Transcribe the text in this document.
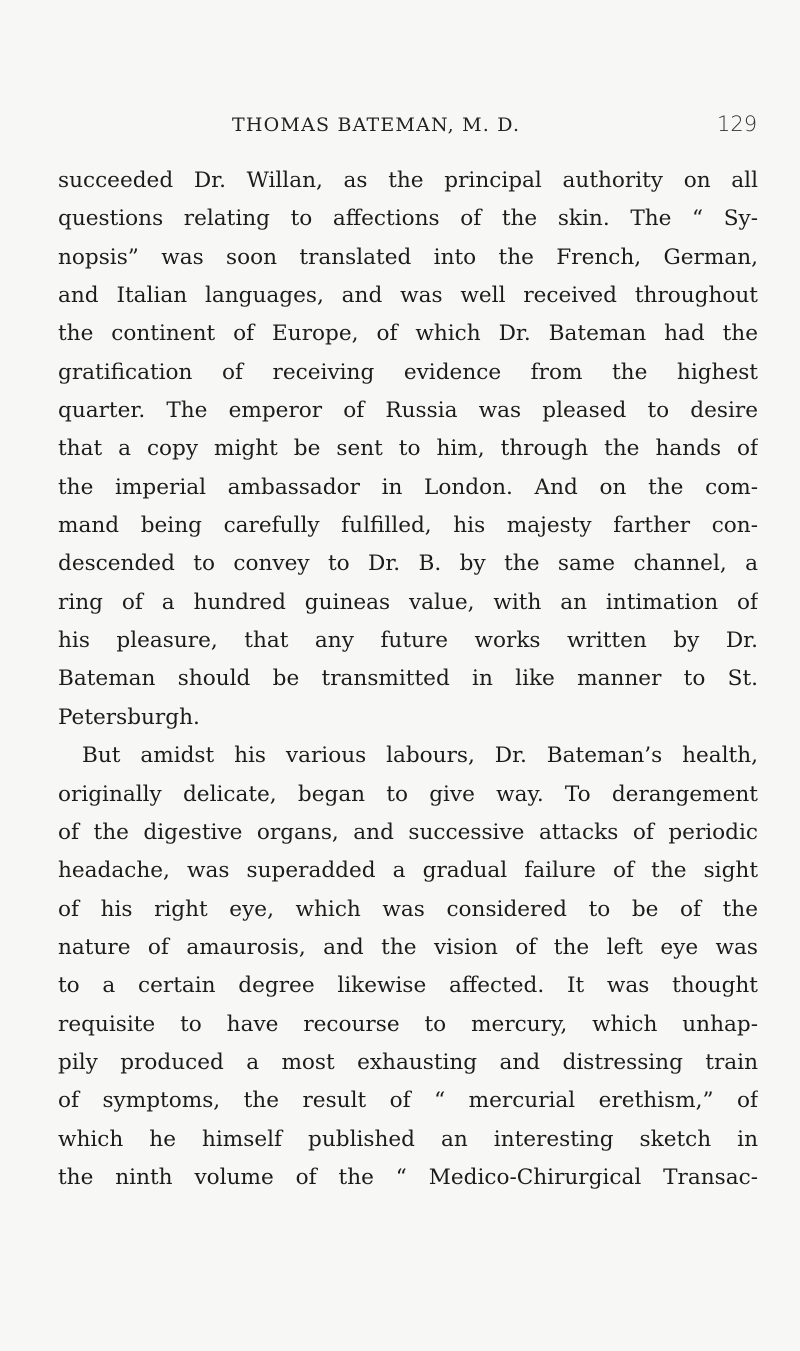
THOMAS BATEMAN, M. D.	129
succeeded Dr. Willan, as the principal authority on all
questions relating to affections of the skin. The “ Sy-
nopsis” was soon translated into the French, German,
and Italian languages, and was well received throughout
the continent of Europe, of which Dr. Bateman had the
gratification of receiving evidence from the highest
quarter. The emperor of Russia was pleased to desire
that a copy might be sent to him, through the hands of
the imperial ambassador in London. And on the com-
mand being carefully fulfilled, his majesty farther con-
descended to convey to Dr. B. by the same channel, a
ring of a hundred guineas value, with an intimation of
his pleasure, that any future works written by Dr.
Bateman should be transmitted in like manner to St.
Petersburgh.
But amidst his various labours, Dr. Bateman’s health,
originally delicate, began to give way. To derangement
of the digestive organs, and successive attacks of periodic
headache, was superadded a gradual failure of the sight
of his right eye, which was considered to be of the
nature of amaurosis, and the vision of the left eye was
to a certain degree likewise affected. It was thought
requisite to have recourse to mercury, which unhap-
pily produced a most exhausting and distressing train
of symptoms, the result of “ mercurial erethism,” of
which he himself published an interesting sketch in
the ninth volume of the “ Medico-Chirurgical Transac-
